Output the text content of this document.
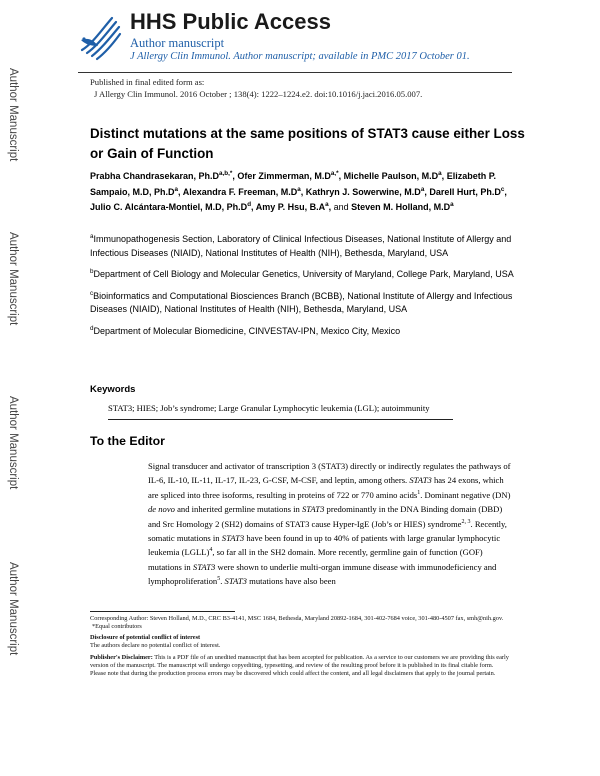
HHS Public Access
Author manuscript
J Allergy Clin Immunol. Author manuscript; available in PMC 2017 October 01.
Author Manuscript
Author Manuscript
Author Manuscript
Author Manuscript
Published in final edited form as:
J Allergy Clin Immunol. 2016 October ; 138(4): 1222–1224.e2. doi:10.1016/j.jaci.2016.05.007.
Distinct mutations at the same positions of STAT3 cause either Loss or Gain of Function
Prabha Chandrasekaran, $Ph.D^{a,b,*}$, Ofer Zimmerman, $M.D^{a,*}$, Michelle Paulson, $M.D^a$, Elizabeth P. Sampaio, M.D, $Ph.D^a$, Alexandra F. Freeman, $M.D^a$, Kathryn J. Sowerwine, $M.D^a$, Darell Hurt, $Ph.D^c$, Julio C. Alcántara-Montiel, M.D, $Ph.D^d$, Amy P. Hsu, $B.A^a$, and Steven M. Holland, $M.D^a$

$^a$Immunopathogenesis Section, Laboratory of Clinical Infectious Diseases, National Institute of Allergy and Infectious Diseases (NIAID), National Institutes of Health (NIH), Bethesda, Maryland, USA

$^b$Department of Cell Biology and Molecular Genetics, University of Maryland, College Park, Maryland, USA

$^c$Bioinformatics and Computational Biosciences Branch (BCBB), National Institute of Allergy and Infectious Diseases (NIAID), National Institutes of Health (NIH), Bethesda, Maryland, USA

$^d$Department of Molecular Biomedicine, CINVESTAV-IPN, Mexico City, Mexico

Keywords
STAT3; HIES; Job’s syndrome; Large Granular Lymphocytic leukemia (LGL); autoimmunity
To the Editor
Signal transducer and activator of transcription 3 (STAT3) directly or indirectly regulates the pathways of IL-6, IL-10, IL-11, IL-17, IL-23, G-CSF, M-CSF, and leptin, among others. STAT3 has 24 exons, which are spliced into three isoforms, resulting in proteins of 722 or 770 amino acids$^1$. Dominant negative (DN) de novo and inherited germline mutations in STAT3 predominantly in the DNA Binding domain (DBD) and Src Homology 2 (SH2) domains of STAT3 cause Hyper-IgE (Job’s or HIES) syndrome$^{2, 3}$. Recently, somatic mutations in STAT3 have been found in up to 40% of patients with large granular lymphocytic leukemia (LGLL)$^4$, so far all in the SH2 domain. More recently, germline gain of function (GOF) mutations in STAT3 were shown to underlie multi-organ immune disease with immunodeficiency and lymphoproliferation$^5$. STAT3 mutations have also been

Corresponding Author: Steven Holland, M.D., CRC B3-4141, MSC 1684, Bethesda, Maryland 20892-1684, 301-402-7684 voice, 301-480-4507 fax, smh@nih.gov.

*Equal contributors

Disclosure of potential conflict of interest

The authors declare no potential conflict of interest.

Publisher's Disclaimer: This is a PDF file of an unedited manuscript that has been accepted for publication. As a service to our customers we are providing this early version of the manuscript. The manuscript will undergo copyediting, typesetting, and review of the resulting proof before it is published in its final citable form. Please note that during the production process errors may be discovered which could affect the content, and all legal disclaimers that apply to the journal pertain.
